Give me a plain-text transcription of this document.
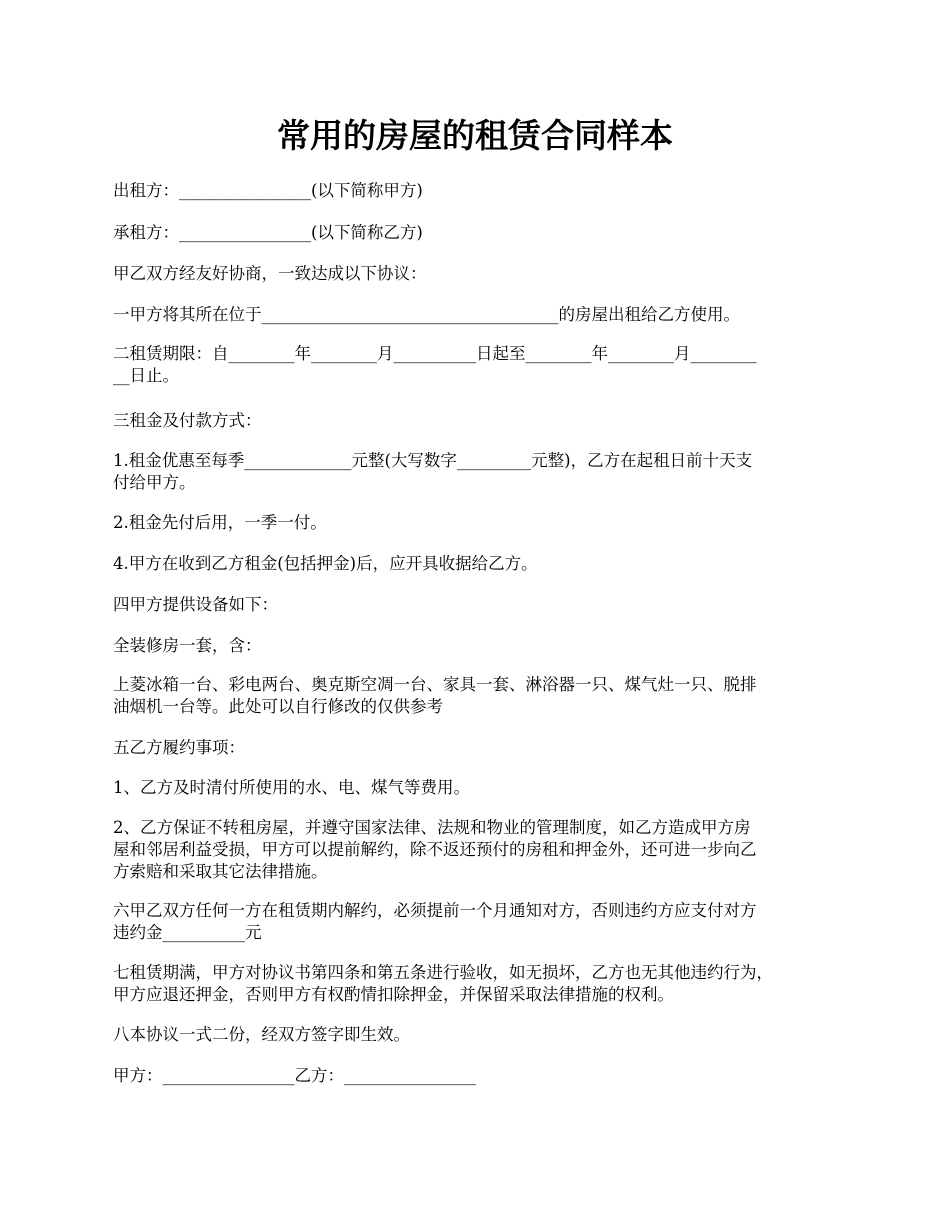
常用的房屋的租赁合同样本
出租方：________________(以下简称甲方)
承租方：________________(以下简称乙方)
甲乙双方经友好协商，一致达成以下协议：
一甲方将其所在位于____________________________________的房屋出租给乙方使用。
二租赁期限：自________年________月__________日起至________年________月________
__日止。
三租金及付款方式：
1.租金优惠至每季_____________元整(大写数字_________元整)，乙方在起租日前十天支
付给甲方。
2.租金先付后用，一季一付。
4.甲方在收到乙方租金(包括押金)后，应开具收据给乙方。
四甲方提供设备如下：
全装修房一套，含：
上菱冰箱一台、彩电两台、奥克斯空凋一台、家具一套、淋浴器一只、煤气灶一只、脱排
油烟机一台等。此处可以自行修改的仅供参考
五乙方履约事项：
1、乙方及时清付所使用的水、电、煤气等费用。
2、乙方保证不转租房屋，并遵守国家法律、法规和物业的管理制度，如乙方造成甲方房
屋和邻居利益受损，甲方可以提前解约，除不返还预付的房租和押金外，还可进一步向乙
方索赔和采取其它法律措施。
六甲乙双方任何一方在租赁期内解约，必须提前一个月通知对方，否则违约方应支付对方
违约金__________元
七租赁期满，甲方对协议书第四条和第五条进行验收，如无损坏，乙方也无其他违约行为，
甲方应退还押金，否则甲方有权酌情扣除押金，并保留采取法律措施的权利。
八本协议一式二份，经双方签字即生效。
甲方：________________乙方：________________
